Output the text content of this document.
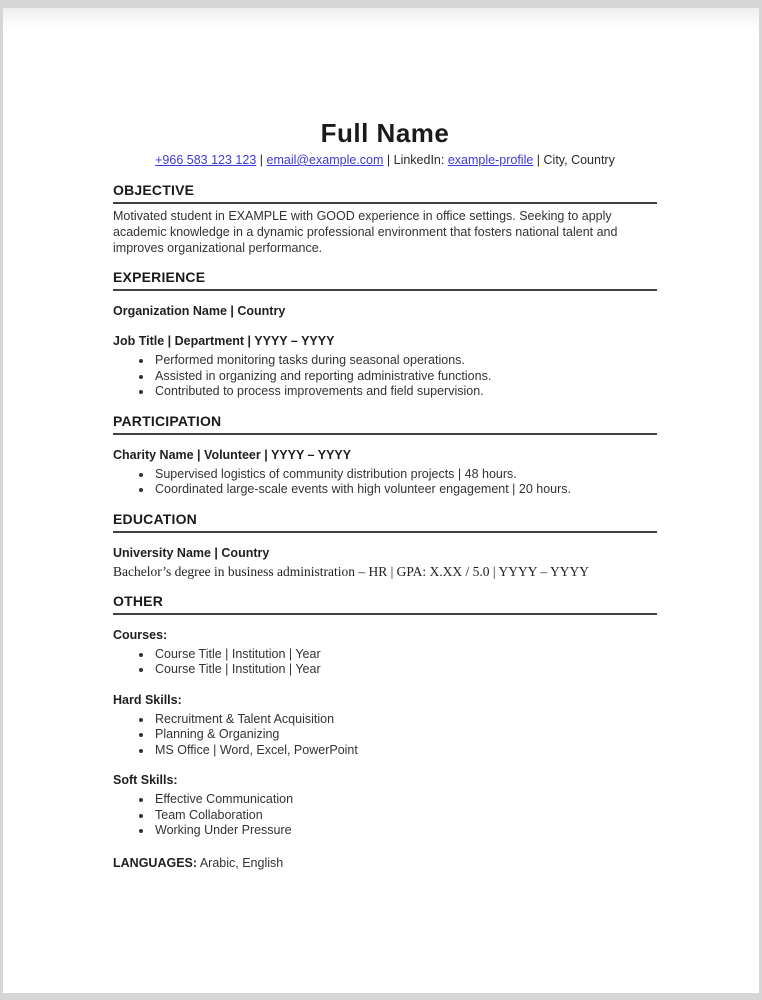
Full Name

+966 583 123 123 | email@example.com | LinkedIn: example-profile | City, Country

OBJECTIVE

Motivated student in EXAMPLE with GOOD experience in office settings. Seeking to apply academic knowledge in a dynamic professional environment that fosters national talent and improves organizational performance.

EXPERIENCE

Organization Name | Country

Job Title | Department | YYYY – YYYY

• Performed monitoring tasks during seasonal operations.
• Assisted in organizing and reporting administrative functions.
• Contributed to process improvements and field supervision.
PARTICIPATION

Charity Name | Volunteer | YYYY – YYYY

• Supervised logistics of community distribution projects | 48 hours.
• Coordinated large-scale events with high volunteer engagement | 20 hours.
EDUCATION

University Name | Country

Bachelor’s degree in business administration – HR | GPA: X.XX / 5.0 | YYYY – YYYY

OTHER

Courses:

• Course Title | Institution | Year
• Course Title | Institution | Year

Hard Skills:

• Recruitment & Talent Acquisition
• Planning & Organizing
• MS Office | Word, Excel, PowerPoint

Soft Skills:

• Effective Communication
• Team Collaboration
• Working Under Pressure

LANGUAGES: Arabic, English
